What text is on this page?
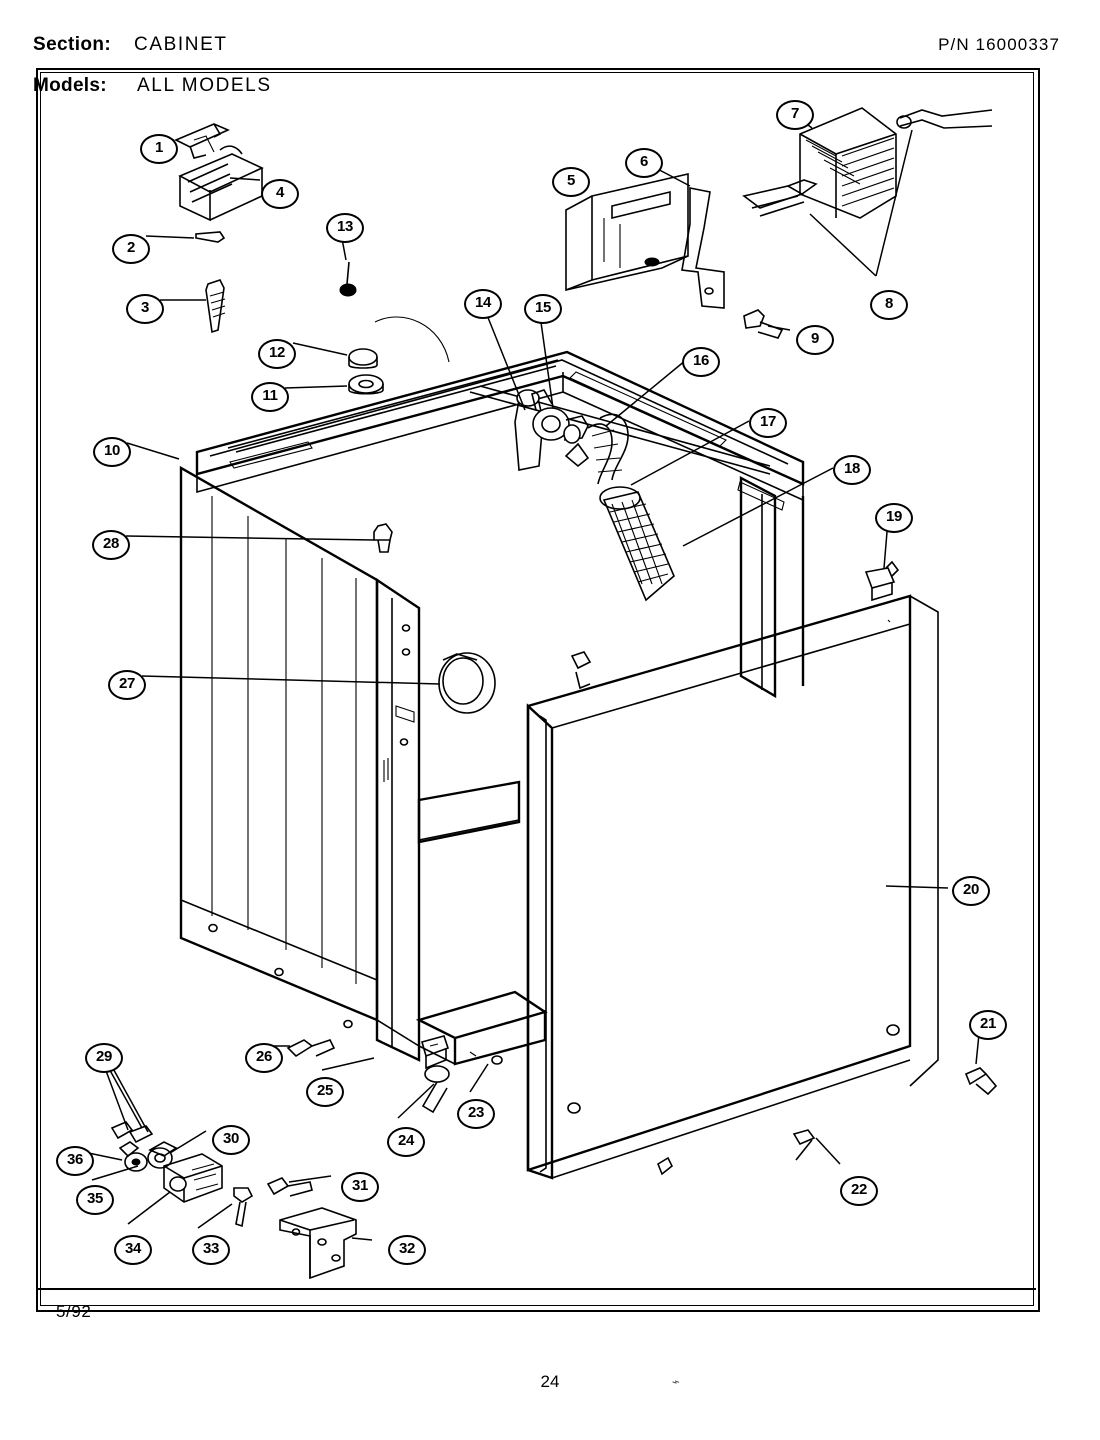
Section: CABINET	P/N 16000337
Models: ALL MODELS
5/92
24	⌁
1
2
3
4
5
6
7
8
9
10
11
12
13
14	15
16
17
18
19
20
21
22
23
24
25
26
27
28
29
30
31
32
33
34
35
36
